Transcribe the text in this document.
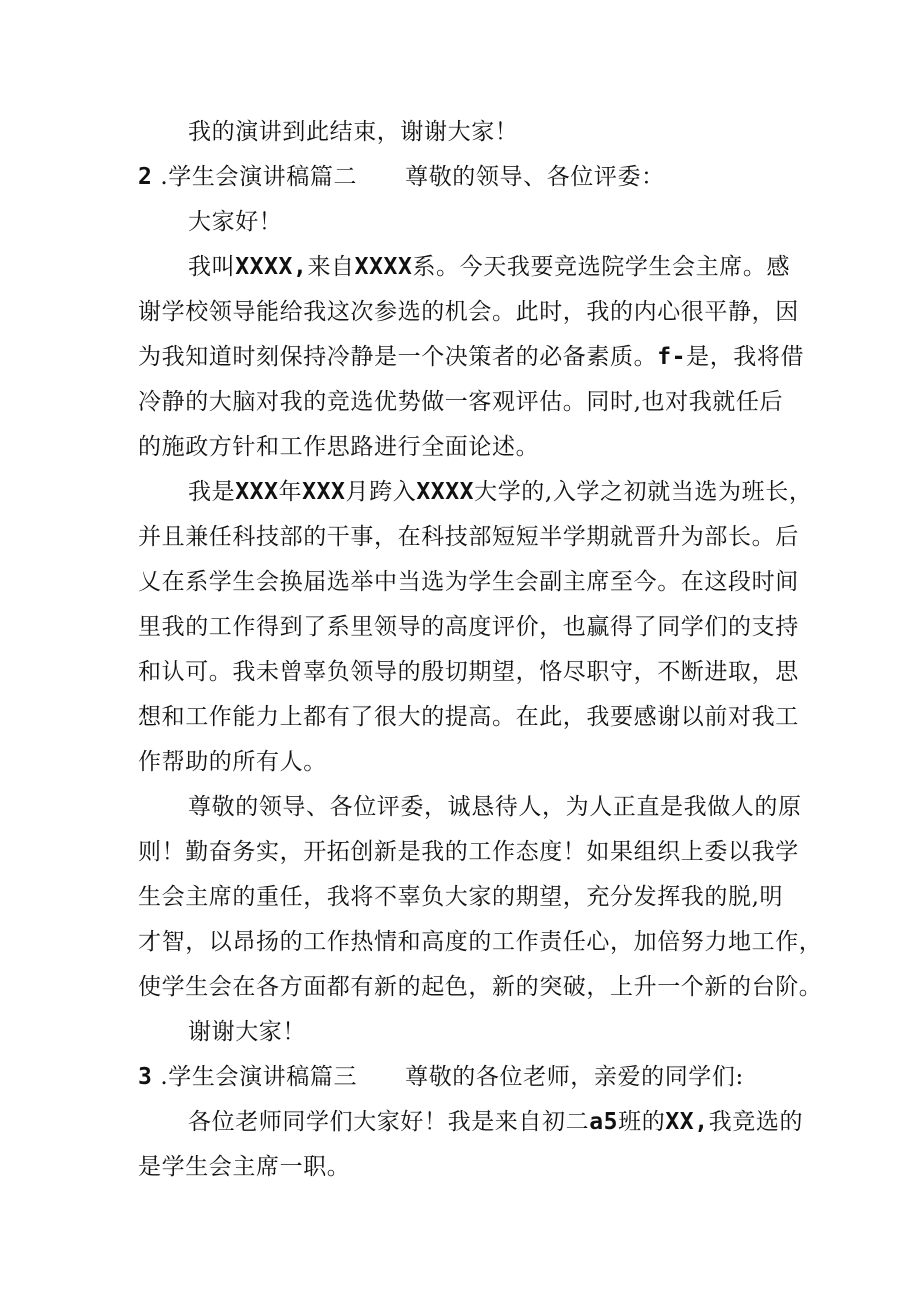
我的演讲到此结束，谢谢大家！
2 .学生会演讲稿篇二 尊敬的领导、各位评委：
大家好！
我叫XXXX,来自XXXX系。今天我要竞选院学生会主席。感
谢学校领导能给我这次参选的机会。此时，我的内心很平静，因
为我知道时刻保持冷静是一个决策者的必备素质。f-是，我将借
冷静的大脑对我的竞选优势做一客观评估。同时,也对我就任后
的施政方针和工作思路进行全面论述。
我是XXX年XXX月跨入XXXX大学的,入学之初就当选为班长，
并且兼任科技部的干事，在科技部短短半学期就晋升为部长。后
乂在系学生会换届选举中当选为学生会副主席至今。在这段时间
里我的工作得到了系里领导的高度评价，也赢得了同学们的支持
和认可。我未曾辜负领导的殷切期望，恪尽职守，不断进取，思
想和工作能力上都有了很大的提高。在此，我要感谢以前对我工
作帮助的所有人。
尊敬的领导、各位评委，诚恳待人，为人正直是我做人的原
则！勤奋务实，开拓创新是我的工作态度！如果组织上委以我学
生会主席的重任，我将不辜负大家的期望，充分发挥我的脱,明
才智，以昂扬的工作热情和高度的工作责任心，加倍努力地工作，
使学生会在各方面都有新的起色，新的突破，上升一个新的台阶。
谢谢大家！
3 .学生会演讲稿篇三 尊敬的各位老师，亲爱的同学们:
各位老师同学们大家好！我是来自初二a5班的XX,我竞选的
是学生会主席一职。
